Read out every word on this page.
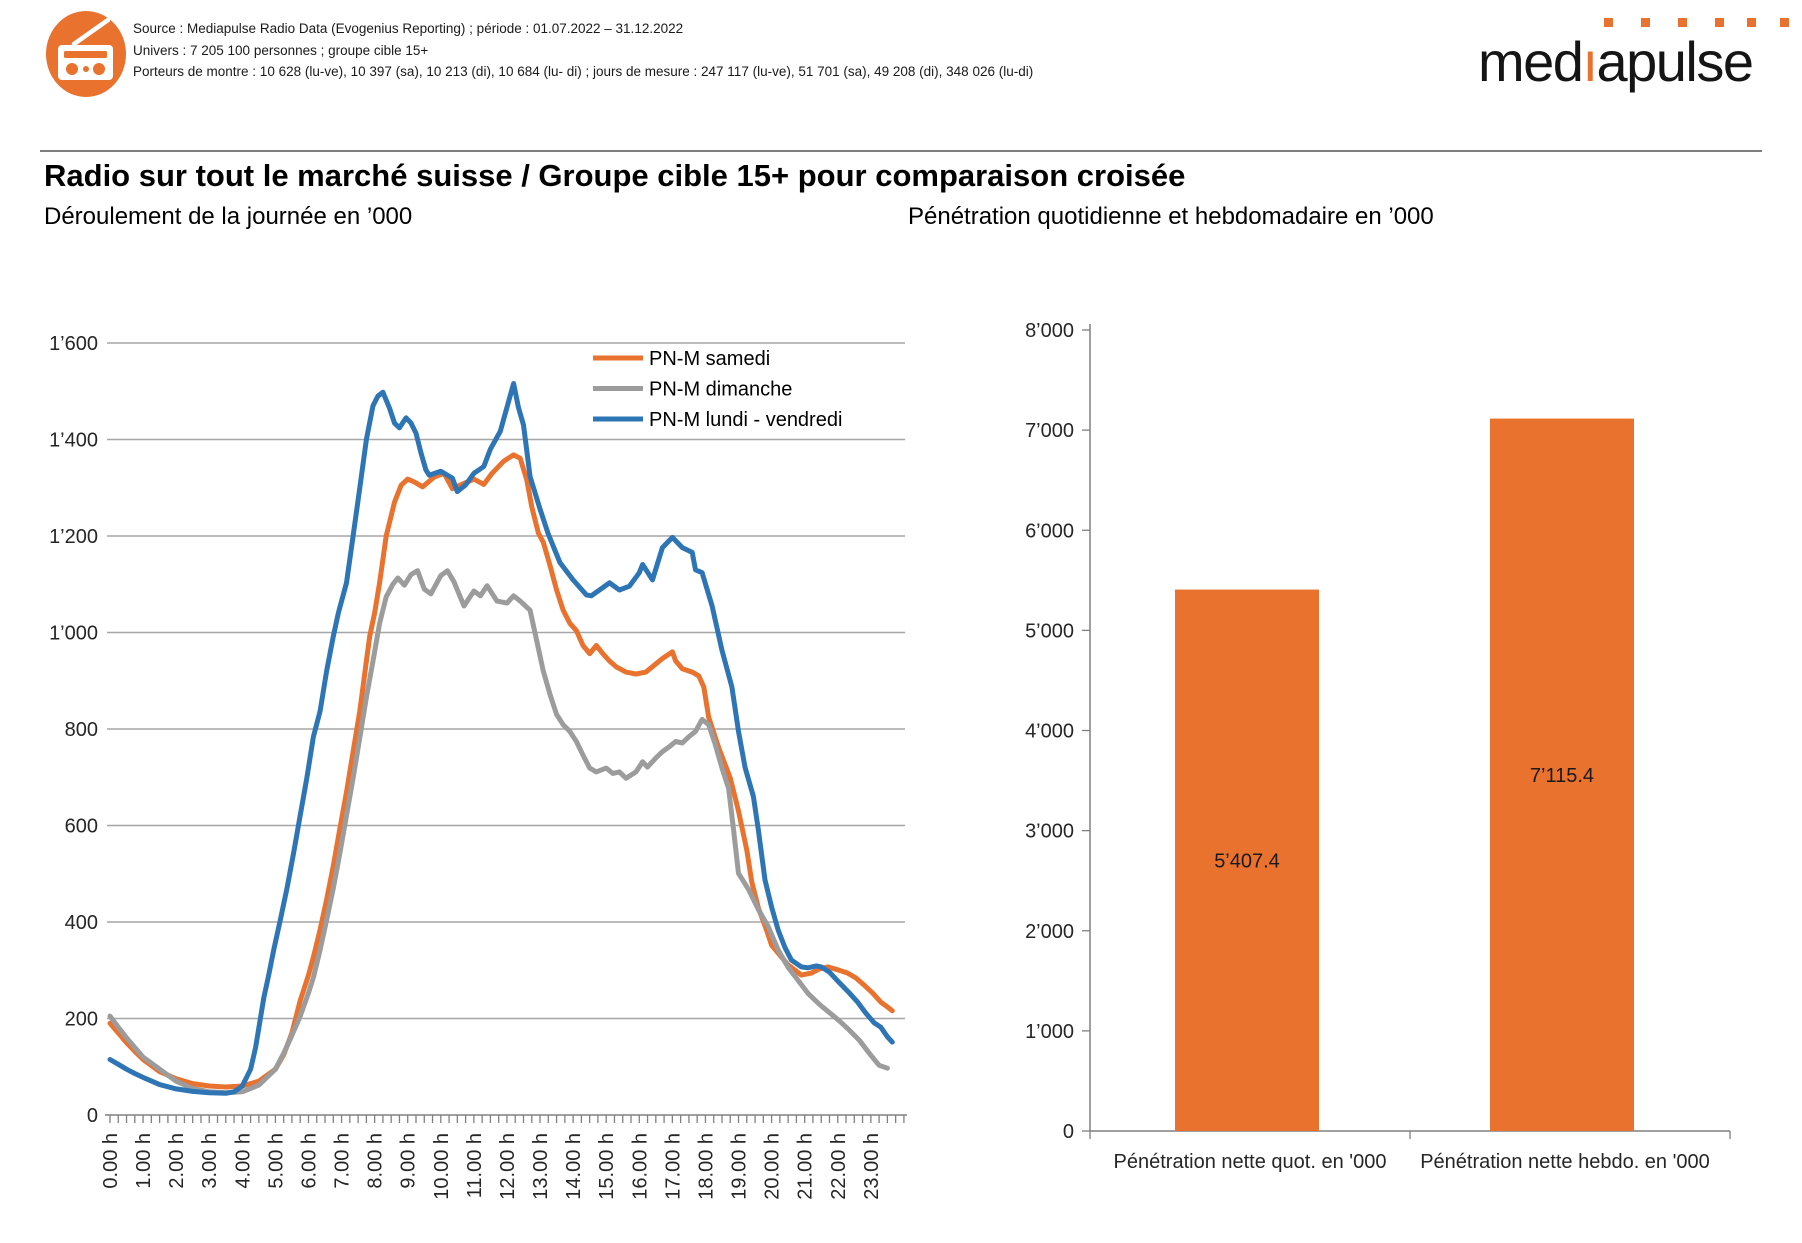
Source : Mediapulse Radio Data (Evogenius Reporting) ; période : 01.07.2022 – 31.12.2022
Univers : 7 205 100 personnes ; groupe cible 15+
Porteurs de montre : 10 628 (lu-ve), 10 397 (sa), 10 213 (di), 10 684 (lu- di) ; jours de mesure : 247 117 (lu-ve), 51 701 (sa), 49 208 (di), 348 026 (lu-di)	medıapulse
Radio sur tout le marché suisse / Groupe cible 15+ pour comparaison croisée
Déroulement de la journée en ’000	Pénétration quotidienne et hebdomadaire en ’000
0
200
400
600
800
1’000
1’200
1’400
1’600
0.00 h 1.00 h 2.00 h 3.00 h 4.00 h 5.00 h 6.00 h 7.00 h 8.00 h 9.00 h 10.00 h 11.00 h 12.00 h 13.00 h 14.00 h 15.00 h 16.00 h 17.00 h 18.00 h 19.00 h 20.00 h 21.00 h 22.00 h 23.00 h
PN-M samedi
PN-M dimanche
PN-M lundi - vendredi
0
1’000
2’000
3’000
4’000
5’000
6’000
7’000
8’000
5’407.4
Pénétration nette quot. en '000
7’115.4
Pénétration nette hebdo. en '000
